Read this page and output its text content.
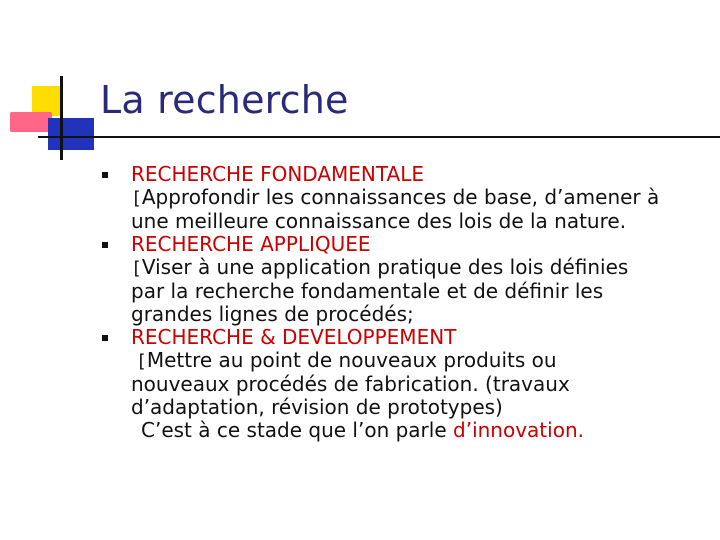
La recherche
RECHERCHE FONDAMENTALE
[Approfondir les connaissances de base, d’amener à
une meilleure connaissance des lois de la nature.
RECHERCHE APPLIQUEE
[Viser à une application pratique des lois définies
par la recherche fondamentale et de définir les
grandes lignes de procédés;
RECHERCHE & DEVELOPPEMENT
[Mettre au point de nouveaux produits ou
nouveaux procédés de fabrication. (travaux
d’adaptation, révision de prototypes)
C’est à ce stade que l’on parle d’innovation.
